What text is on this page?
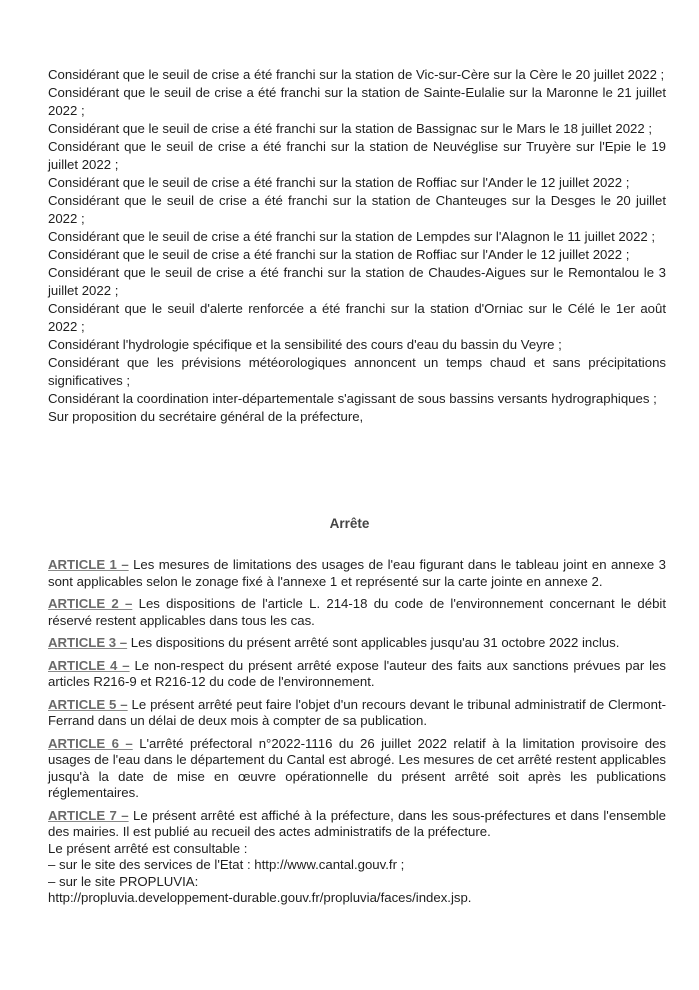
Considérant que le seuil de crise a été franchi sur la station de Vic-sur-Cère sur la Cère le 20 juillet 2022 ;

Considérant que le seuil de crise a été franchi sur la station de Sainte-Eulalie sur la Maronne le 21 juillet 2022 ;

Considérant que le seuil de crise a été franchi sur la station de Bassignac sur le Mars le 18 juillet 2022 ;

Considérant que le seuil de crise a été franchi sur la station de Neuvéglise sur Truyère sur l'Epie le 19 juillet 2022 ;

Considérant que le seuil de crise a été franchi sur la station de Roffiac sur l'Ander le 12 juillet 2022 ;

Considérant que le seuil de crise a été franchi sur la station de Chanteuges sur la Desges le 20 juillet 2022 ;

Considérant que le seuil de crise a été franchi sur la station de Lempdes sur l'Alagnon le 11 juillet 2022 ;

Considérant que le seuil de crise a été franchi sur la station de Roffiac sur l'Ander le 12 juillet 2022 ;

Considérant que le seuil de crise a été franchi sur la station de Chaudes-Aigues sur le Remontalou le 3 juillet 2022 ;

Considérant que le seuil d'alerte renforcée a été franchi sur la station d'Orniac sur le Célé le 1er août 2022 ;

Considérant l'hydrologie spécifique et la sensibilité des cours d'eau du bassin du Veyre ;

Considérant que les prévisions météorologiques annoncent un temps chaud et sans précipitations significatives ;

Considérant la coordination inter-départementale s'agissant de sous bassins versants hydrographiques ;

Sur proposition du secrétaire général de la préfecture,

Arrête

ARTICLE 1 – Les mesures de limitations des usages de l'eau figurant dans le tableau joint en annexe 3 sont applicables selon le zonage fixé à l'annexe 1 et représenté sur la carte jointe en annexe 2.

ARTICLE 2 – Les dispositions de l'article L. 214-18 du code de l'environnement concernant le débit réservé restent applicables dans tous les cas.

ARTICLE 3 – Les dispositions du présent arrêté sont applicables jusqu'au 31 octobre 2022 inclus.

ARTICLE 4 – Le non-respect du présent arrêté expose l'auteur des faits aux sanctions prévues par les articles R216-9 et R216-12 du code de l'environnement.

ARTICLE 5 – Le présent arrêté peut faire l'objet d'un recours devant le tribunal administratif de Clermont-Ferrand dans un délai de deux mois à compter de sa publication.

ARTICLE 6 – L'arrêté préfectoral n°2022-1116 du 26 juillet 2022 relatif à la limitation provisoire des usages de l'eau dans le département du Cantal est abrogé. Les mesures de cet arrêté restent applicables jusqu'à la date de mise en œuvre opérationnelle du présent arrêté soit après les publications réglementaires.

ARTICLE 7 – Le présent arrêté est affiché à la préfecture, dans les sous-préfectures et dans l'ensemble des mairies. Il est publié au recueil des actes administratifs de la préfecture.

Le présent arrêté est consultable :

– sur le site des services de l'Etat : http://www.cantal.gouv.fr ;

– sur le site PROPLUVIA:

http://propluvia.developpement-durable.gouv.fr/propluvia/faces/index.jsp.
